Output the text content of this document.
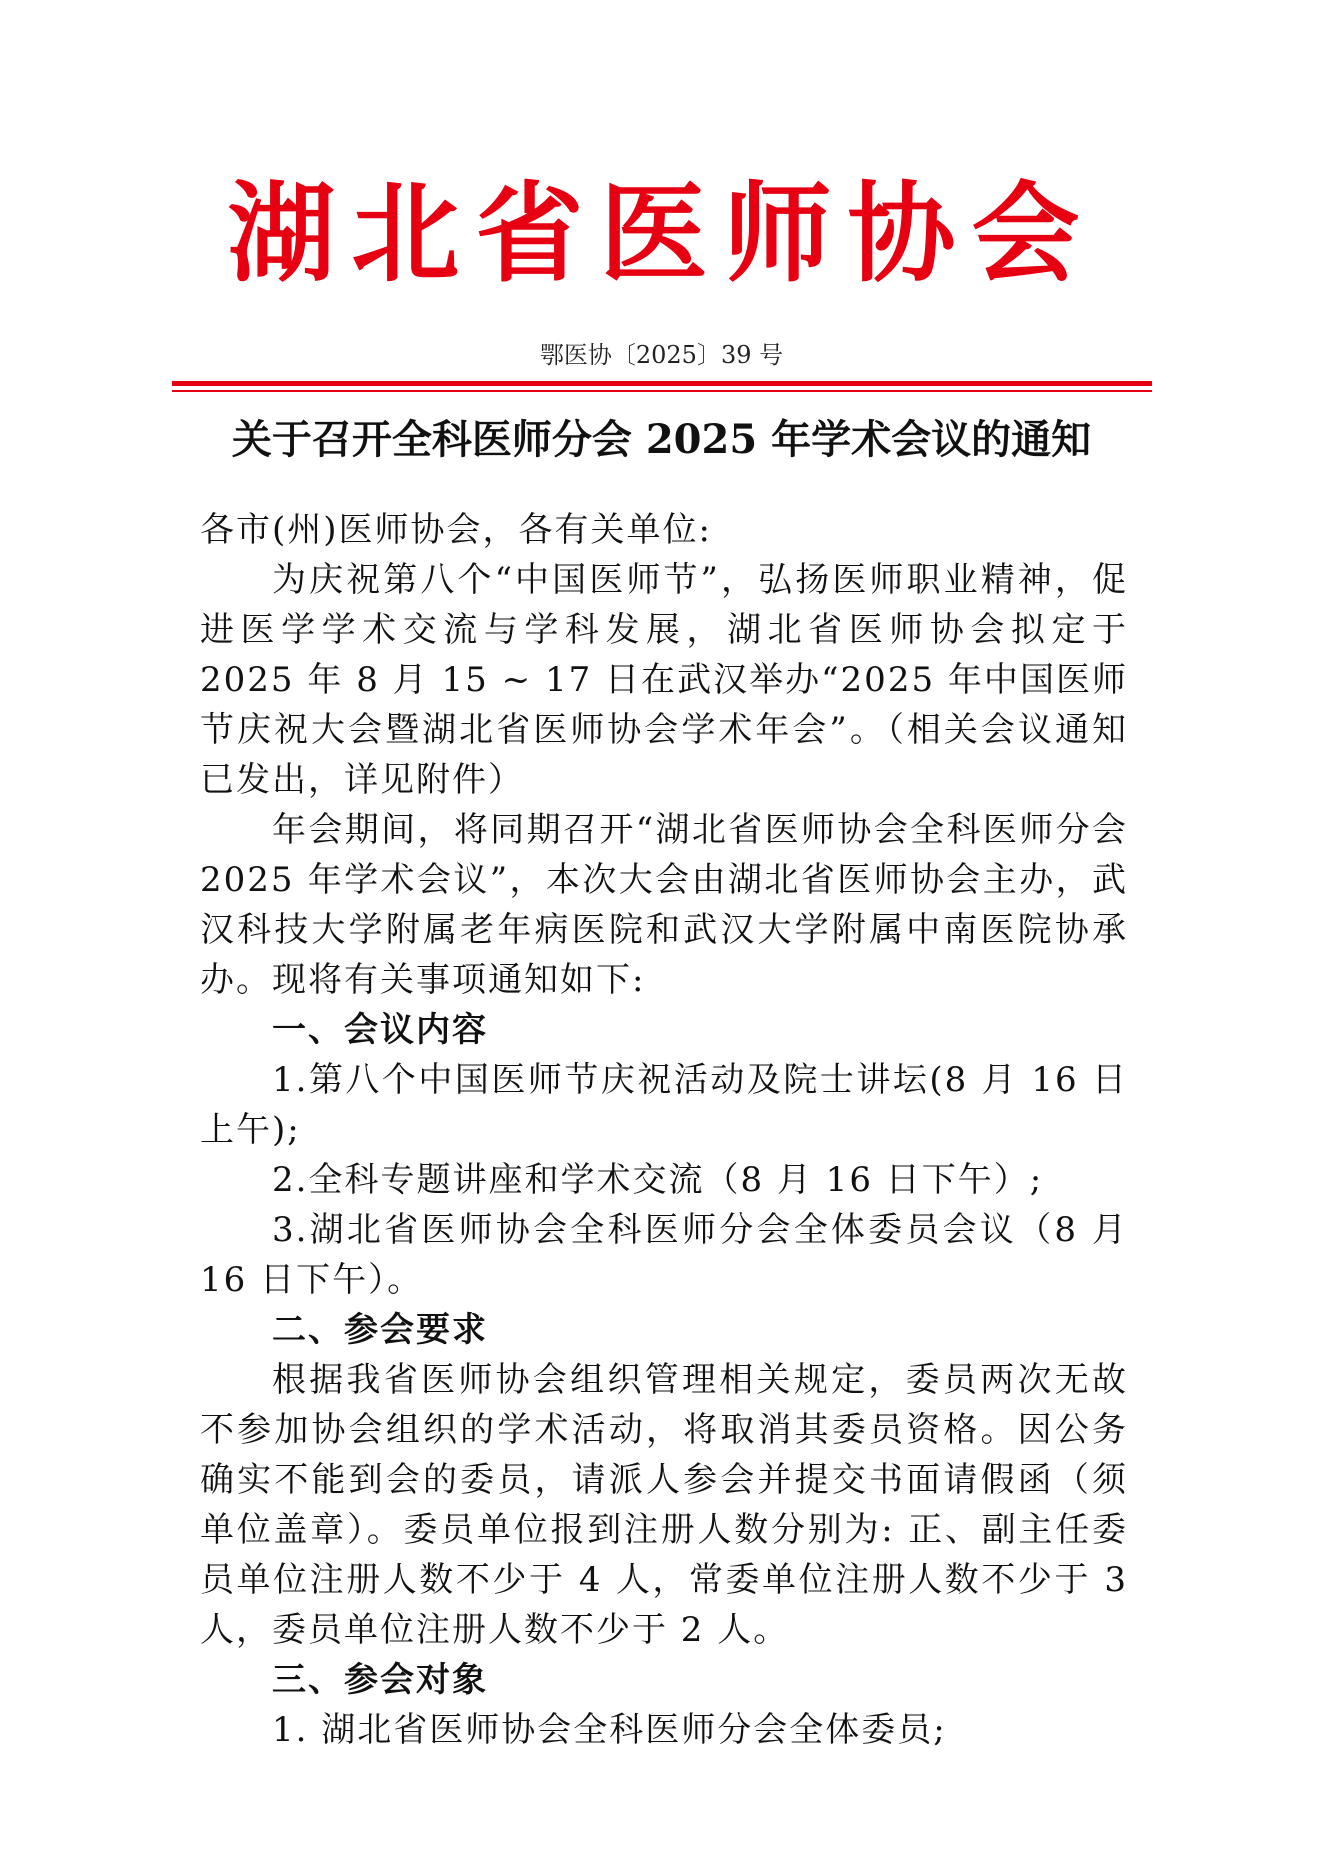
湖北省医师协会
鄂医协〔2025〕39 号
关于召开全科医师分会 2025 年学术会议的通知

各市(州)医师协会，各有关单位:

为庆祝第八个“中国医师节”，弘扬医师职业精神，促进医学学术交流与学科发展，湖北省医师协会拟定于 2025 年 8 月 15 ~ 17 日在武汉举办“2025 年中国医师节庆祝大会暨湖北省医师协会学术年会”。（相关会议通知已发出，详见附件）

年会期间，将同期召开“湖北省医师协会全科医师分会 2025 年学术会议”，本次大会由湖北省医师协会主办，武汉科技大学附属老年病医院和武汉大学附属中南医院协承办。现将有关事项通知如下:

一、会议内容

1.第八个中国医师节庆祝活动及院士讲坛(8 月 16 日上午);

2.全科专题讲座和学术交流（8 月 16 日下午）;

3.湖北省医师协会全科医师分会全体委员会议（8 月 16 日下午）。

二、参会要求

根据我省医师协会组织管理相关规定，委员两次无故不参加协会组织的学术活动，将取消其委员资格。因公务确实不能到会的委员，请派人参会并提交书面请假函（须单位盖章）。委员单位报到注册人数分别为: 正、副主任委员单位注册人数不少于 4 人，常委单位注册人数不少于 3 人，委员单位注册人数不少于 2 人。

三、参会对象

1. 湖北省医师协会全科医师分会全体委员;
